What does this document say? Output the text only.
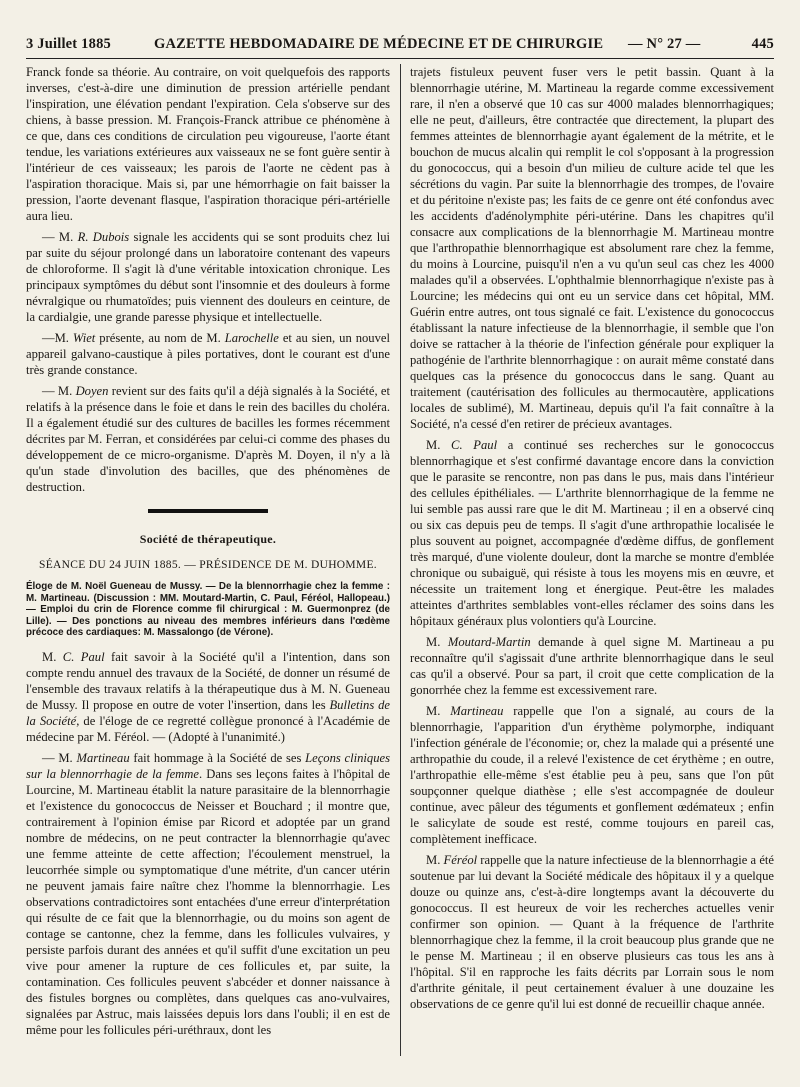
3 Juillet 1885	GAZETTE HEBDOMADAIRE DE MÉDECINE ET DE CHIRURGIE — N° 27 —	445

Franck fonde sa théorie. Au contraire, on voit quelquefois des rapports inverses, c'est-à-dire une diminution de pression artérielle pendant l'inspiration, une élévation pendant l'expiration. Cela s'observe sur des chiens, à basse pression. M. François-Franck attribue ce phénomène à ce que, dans ces conditions de circulation peu vigoureuse, l'aorte étant tendue, les variations extérieures aux vaisseaux ne se font guère sentir à l'intérieur de ces vaisseaux; les parois de l'aorte ne cèdent pas à l'aspiration thoracique. Mais si, par une hémorrhagie on fait baisser la pression, l'aorte devenant flasque, l'aspiration thoracique péri-artérielle aura lieu.

— M. R. Dubois signale les accidents qui se sont produits chez lui par suite du séjour prolongé dans un laboratoire contenant des vapeurs de chloroforme. Il s'agit là d'une véritable intoxication chronique. Les principaux symptômes du début sont l'insomnie et des douleurs à forme névralgique ou rhumatoïdes; puis viennent des douleurs en ceinture, de la cardialgie, une grande paresse physique et intellectuelle.

—M. Wiet présente, au nom de M. Larochelle et au sien, un nouvel appareil galvano-caustique à piles portatives, dont le courant est d'une très grande constance.

— M. Doyen revient sur des faits qu'il a déjà signalés à la Société, et relatifs à la présence dans le foie et dans le rein des bacilles du choléra. Il a également étudié sur des cultures de bacilles les formes récemment décrites par M. Ferran, et considérées par celui-ci comme des phases du développement de ce micro-organisme. D'après M. Doyen, il n'y a là qu'un stade d'involution des bacilles, que des phénomènes de destruction.

Société de thérapeutique.
SÉANCE DU 24 JUIN 1885. — PRÉSIDENCE DE M. DUHOMME.
Éloge de M. Noël Gueneau de Mussy. — De la blennorrhagie chez la femme : M. Martineau. (Discussion : MM. Moutard-Martin, C. Paul, Féréol, Hallopeau.) — Emploi du crin de Florence comme fil chirurgical : M. Guermonprez (de Lille). — Des ponctions au niveau des membres inférieurs dans l'œdème précoce des cardiaques: M. Massalongo (de Vérone).

M. C. Paul fait savoir à la Société qu'il a l'intention, dans son compte rendu annuel des travaux de la Société, de donner un résumé de l'ensemble des travaux relatifs à la thérapeutique dus à M. N. Gueneau de Mussy. Il propose en outre de voter l'insertion, dans les Bulletins de la Société, de l'éloge de ce regretté collègue prononcé à l'Académie de médecine par M. Féréol. — (Adopté à l'unanimité.)

— M. Martineau fait hommage à la Société de ses Leçons cliniques sur la blennorrhagie de la femme. Dans ses leçons faites à l'hôpital de Lourcine, M. Martineau établit la nature parasitaire de la blennorrhagie et l'existence du gonococcus de Neisser et Bouchard ; il montre que, contrairement à l'opinion émise par Ricord et adoptée par un grand nombre de médecins, on ne peut contracter la blennorrhagie qu'avec une femme atteinte de cette affection; l'écoulement menstruel, la leucorrhée simple ou symptomatique d'une métrite, d'un cancer utérin ne peuvent jamais faire naître chez l'homme la blennorrhagie. Les observations contradictoires sont entachées d'une erreur d'interprétation qui résulte de ce fait que la blennorrhagie, ou du moins son agent de contage se cantonne, chez la femme, dans les follicules vulvaires, y persiste parfois durant des années et qu'il suffit d'une excitation un peu vive pour amener la rupture de ces follicules et, par suite, la contamination. Ces follicules peuvent s'abcéder et donner naissance à des fistules borgnes ou complètes, dans quelques cas ano-vulvaires, signalées par Astruc, mais laissées depuis lors dans l'oubli; il en est de même pour les follicules péri-uréthraux, dont les

trajets fistuleux peuvent fuser vers le petit bassin. Quant à la blennorrhagie utérine, M. Martineau la regarde comme excessivement rare, il n'en a observé que 10 cas sur 4000 malades blennorrhagiques; elle ne peut, d'ailleurs, être contractée que directement, la plupart des femmes atteintes de blennorrhagie ayant également de la métrite, et le bouchon de mucus alcalin qui remplit le col s'opposant à la progression du gonococcus, qui a besoin d'un milieu de culture acide tel que les sécrétions du vagin. Par suite la blennorrhagie des trompes, de l'ovaire et du péritoine n'existe pas; les faits de ce genre ont été confondus avec les accidents d'adénolymphite péri-utérine. Dans les chapitres qu'il consacre aux complications de la blennorrhagie M. Martineau montre que l'arthropathie blennorrhagique est absolument rare chez la femme, du moins à Lourcine, puisqu'il n'en a vu qu'un seul cas chez les 4000 malades qu'il a observées. L'ophthalmie blennorrhagique n'existe pas à Lourcine; les médecins qui ont eu un service dans cet hôpital, MM. Guérin entre autres, ont tous signalé ce fait. L'existence du gonococcus établissant la nature infectieuse de la blennorrhagie, il semble que l'on doive se rattacher à la théorie de l'infection générale pour expliquer la pathogénie de l'arthrite blennorrhagique : on aurait même constaté dans quelques cas la présence du gonococcus dans le sang. Quant au traitement (cautérisation des follicules au thermocautère, applications locales de sublimé), M. Martineau, depuis qu'il l'a fait connaître à la Société, n'a cessé d'en retirer de précieux avantages.

M. C. Paul a continué ses recherches sur le gonococcus blennorrhagique et s'est confirmé davantage encore dans la conviction que le parasite se rencontre, non pas dans le pus, mais dans l'intérieur des cellules épithéliales. — L'arthrite blennorrhagique de la femme ne lui semble pas aussi rare que le dit M. Martineau ; il en a observé cinq ou six cas depuis peu de temps. Il s'agit d'une arthropathie localisée le plus souvent au poignet, accompagnée d'œdème diffus, de gonflement très marqué, d'une violente douleur, dont la marche se montre d'emblée chronique ou subaiguë, qui résiste à tous les moyens mis en œuvre, et nécessite un traitement long et énergique. Peut-être les malades atteintes d'arthrites semblables vont-elles réclamer des soins dans les hôpitaux généraux plus volontiers qu'à Lourcine.

M. Moutard-Martin demande à quel signe M. Martineau a pu reconnaître qu'il s'agissait d'une arthrite blennorrhagique dans le seul cas qu'il a observé. Pour sa part, il croit que cette complication de la gonorrhée chez la femme est excessivement rare.

M. Martineau rappelle que l'on a signalé, au cours de la blennorrhagie, l'apparition d'un érythème polymorphe, indiquant l'infection générale de l'économie; or, chez la malade qui a présenté une arthropathie du coude, il a relevé l'existence de cet érythème ; en outre, l'arthropathie elle-même s'est établie peu à peu, sans que l'on pût soupçonner quelque diathèse ; elle s'est accompagnée de douleur continue, avec pâleur des téguments et gonflement œdémateux ; enfin le salicylate de soude est resté, comme toujours en pareil cas, complètement inefficace.

M. Féréol rappelle que la nature infectieuse de la blennorrhagie a été soutenue par lui devant la Société médicale des hôpitaux il y a quelque douze ou quinze ans, c'est-à-dire longtemps avant la découverte du gonococcus. Il est heureux de voir les recherches actuelles venir confirmer son opinion. — Quant à la fréquence de l'arthrite blennorrhagique chez la femme, il la croit beaucoup plus grande que ne le pense M. Martineau ; il en observe plusieurs cas tous les ans à l'hôpital. S'il en rapproche les faits décrits par Lorrain sous le nom d'arthrite génitale, il peut certainement évaluer à une douzaine les observations de ce genre qu'il lui est donné de recueillir chaque année.
